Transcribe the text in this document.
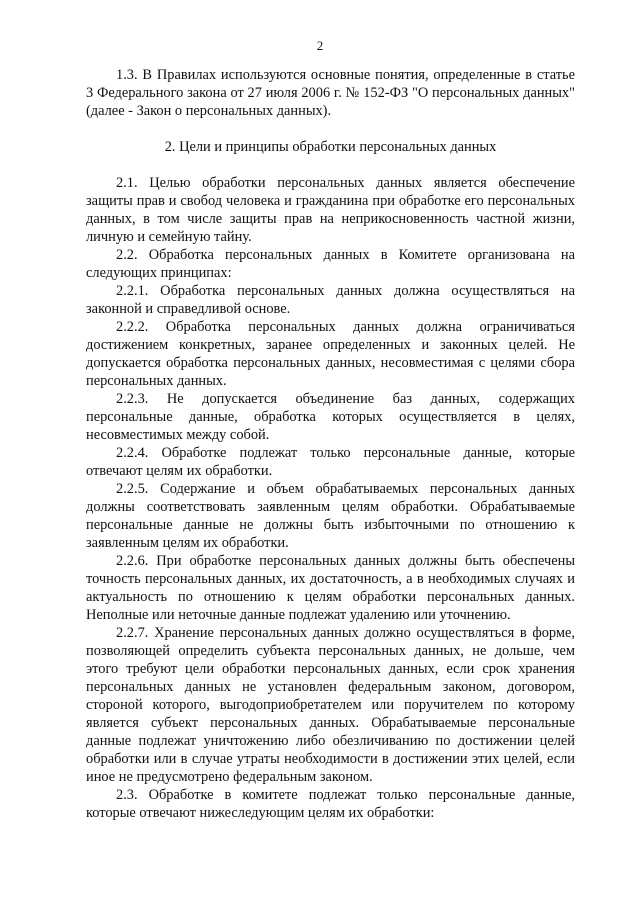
2

1.3. В Правилах используются основные понятия, определенные в статье 3 Федерального закона от 27 июля 2006 г. № 152-ФЗ "О персональных данных" (далее - Закон о персональных данных).

2. Цели и принципы обработки персональных данных

2.1. Целью обработки персональных данных является обеспечение защиты прав и свобод человека и гражданина при обработке его персональных данных, в том числе защиты прав на неприкосновенность частной жизни, личную и семейную тайну.

2.2. Обработка персональных данных в Комитете организована на следующих принципах:

2.2.1. Обработка персональных данных должна осуществляться на законной и справедливой основе.

2.2.2. Обработка персональных данных должна ограничиваться достижением конкретных, заранее определенных и законных целей. Не допускается обработка персональных данных, несовместимая с целями сбора персональных данных.

2.2.3. Не допускается объединение баз данных, содержащих персональные данные, обработка которых осуществляется в целях, несовместимых между собой.

2.2.4. Обработке подлежат только персональные данные, которые отвечают целям их обработки.

2.2.5. Содержание и объем обрабатываемых персональных данных должны соответствовать заявленным целям обработки. Обрабатываемые персональные данные не должны быть избыточными по отношению к заявленным целям их обработки.

2.2.6. При обработке персональных данных должны быть обеспечены точность персональных данных, их достаточность, а в необходимых случаях и актуальность по отношению к целям обработки персональных данных. Неполные или неточные данные подлежат удалению или уточнению.

2.2.7. Хранение персональных данных должно осуществляться в форме, позволяющей определить субъекта персональных данных, не дольше, чем этого требуют цели обработки персональных данных, если срок хранения персональных данных не установлен федеральным законом, договором, стороной которого, выгодоприобретателем или поручителем по которому является субъект персональных данных. Обрабатываемые персональные данные подлежат уничтожению либо обезличиванию по достижении целей обработки или в случае утраты необходимости в достижении этих целей, если иное не предусмотрено федеральным законом.

2.3. Обработке в комитете подлежат только персональные данные, которые отвечают нижеследующим целям их обработки:
